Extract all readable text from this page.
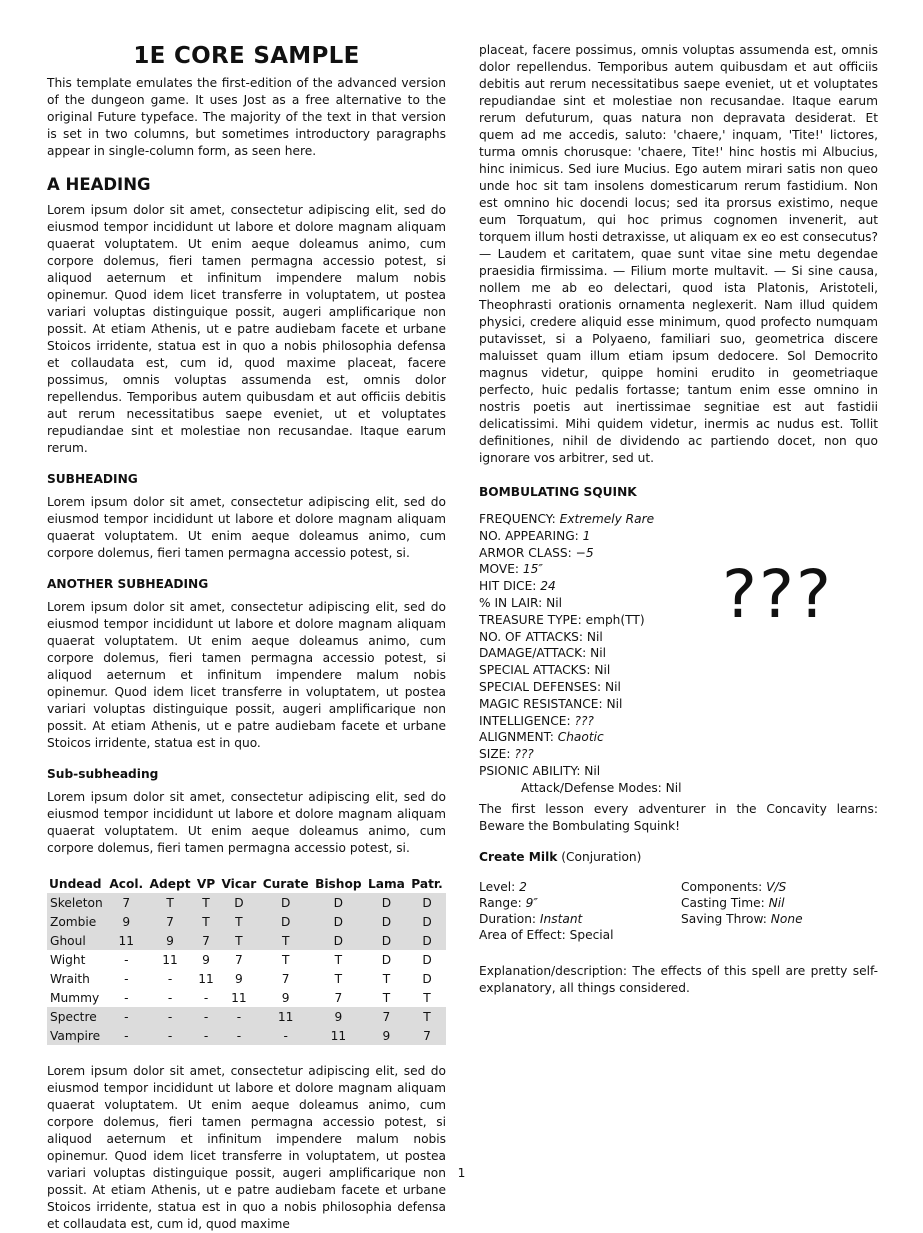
1E CORE SAMPLE

This template emulates the first-edition of the advanced version of the dungeon game. It uses Jost as a free alternative to the original Future typeface. The majority of the text in that version is set in two columns, but sometimes introductory paragraphs appear in single-column form, as seen here.

A HEADING

Lorem ipsum dolor sit amet, consectetur adipiscing elit, sed do eiusmod tempor incididunt ut labore et dolore magnam aliquam quaerat voluptatem. Ut enim aeque doleamus animo, cum corpore dolemus, fieri tamen permagna accessio potest, si aliquod aeternum et infinitum impendere malum nobis opinemur. Quod idem licet transferre in voluptatem, ut postea variari voluptas distinguique possit, augeri amplificarique non possit. At etiam Athenis, ut e patre audiebam facete et urbane Stoicos irridente, statua est in quo a nobis philosophia defensa et collaudata est, cum id, quod maxime placeat, facere possimus, omnis voluptas assumenda est, omnis dolor repellendus. Temporibus autem quibusdam et aut officiis debitis aut rerum necessitatibus saepe eveniet, ut et voluptates repudiandae sint et molestiae non recusandae. Itaque earum rerum.

SUBHEADING

Lorem ipsum dolor sit amet, consectetur adipiscing elit, sed do eiusmod tempor incididunt ut labore et dolore magnam aliquam quaerat voluptatem. Ut enim aeque doleamus animo, cum corpore dolemus, fieri tamen permagna accessio potest, si.

ANOTHER SUBHEADING

Lorem ipsum dolor sit amet, consectetur adipiscing elit, sed do eiusmod tempor incididunt ut labore et dolore magnam aliquam quaerat voluptatem. Ut enim aeque doleamus animo, cum corpore dolemus, fieri tamen permagna accessio potest, si aliquod aeternum et infinitum impendere malum nobis opinemur. Quod idem licet transferre in voluptatem, ut postea variari voluptas distinguique possit, augeri amplificarique non possit. At etiam Athenis, ut e patre audiebam facete et urbane Stoicos irridente, statua est in quo.

Sub-subheading

Lorem ipsum dolor sit amet, consectetur adipiscing elit, sed do eiusmod tempor incididunt ut labore et dolore magnam aliquam quaerat voluptatem. Ut enim aeque doleamus animo, cum corpore dolemus, fieri tamen permagna accessio potest, si.

Undead	Acol.	Adept	VP	Vicar	Curate	Bishop	Lama	Patr.
Skeleton	7	T	T	D	D	D	D	D
Zombie	9	7	T	T	D	D	D	D
Ghoul	11	9	7	T	T	D	D	D
Wight	-	11	9	7	T	T	D	D
Wraith	-	-	11	9	7	T	T	D
Mummy	-	-	-	11	9	7	T	T
Spectre	-	-	-	-	11	9	7	T
Vampire	-	-	-	-	-	11	9	7

Lorem ipsum dolor sit amet, consectetur adipiscing elit, sed do eiusmod tempor incididunt ut labore et dolore magnam aliquam quaerat voluptatem. Ut enim aeque doleamus animo, cum corpore dolemus, fieri tamen permagna accessio potest, si aliquod aeternum et infinitum impendere malum nobis opinemur. Quod idem licet transferre in voluptatem, ut postea variari voluptas distinguique possit, augeri amplificarique non possit. At etiam Athenis, ut e patre audiebam facete et urbane Stoicos irridente, statua est in quo a nobis philosophia defensa et collaudata est, cum id, quod maxime

placeat, facere possimus, omnis voluptas assumenda est, omnis dolor repellendus. Temporibus autem quibusdam et aut officiis debitis aut rerum necessitatibus saepe eveniet, ut et voluptates repudiandae sint et molestiae non recusandae. Itaque earum rerum defuturum, quas natura non depravata desiderat. Et quem ad me accedis, saluto: 'chaere,' inquam, 'Tite!' lictores, turma omnis chorusque: 'chaere, Tite!' hinc hostis mi Albucius, hinc inimicus. Sed iure Mucius. Ego autem mirari satis non queo unde hoc sit tam insolens domesticarum rerum fastidium. Non est omnino hic docendi locus; sed ita prorsus existimo, neque eum Torquatum, qui hoc primus cognomen invenerit, aut torquem illum hosti detraxisse, ut aliquam ex eo est consecutus? — Laudem et caritatem, quae sunt vitae sine metu degendae praesidia firmissima. — Filium morte multavit. — Si sine causa, nollem me ab eo delectari, quod ista Platonis, Aristoteli, Theophrasti orationis ornamenta neglexerit. Nam illud quidem physici, credere aliquid esse minimum, quod profecto numquam putavisset, si a Polyaeno, familiari suo, geometrica discere maluisset quam illum etiam ipsum dedocere. Sol Democrito magnus videtur, quippe homini erudito in geometriaque perfecto, huic pedalis fortasse; tantum enim esse omnino in nostris poetis aut inertissimae segnitiae est aut fastidii delicatissimi. Mihi quidem videtur, inermis ac nudus est. Tollit definitiones, nihil de dividendo ac partiendo docet, non quo ignorare vos arbitrer, sed ut.

BOMBULATING SQUINK
FREQUENCY: Extremely Rare
NO. APPEARING: 1
ARMOR CLASS: −5
MOVE: 15″
HIT DICE: 24
% IN LAIR: Nil
TREASURE TYPE: emph(TT)
NO. OF ATTACKS: Nil
DAMAGE/ATTACK: Nil
SPECIAL ATTACKS: Nil
SPECIAL DEFENSES: Nil
MAGIC RESISTANCE: Nil
INTELLIGENCE: ???
ALIGNMENT: Chaotic
SIZE: ???
PSIONIC ABILITY: Nil
Attack/Defense Modes: Nil

The first lesson every adventurer in the Concavity learns: Beware the Bombulating Squink!

Create Milk (Conjuration)
Level: 2	Components: V/S
Range: 9″	Casting Time: Nil
Duration: Instant	Saving Throw: None
Area of Effect: Special

Explanation/description: The effects of this spell are pretty self-explanatory, all things considered.

???
1
